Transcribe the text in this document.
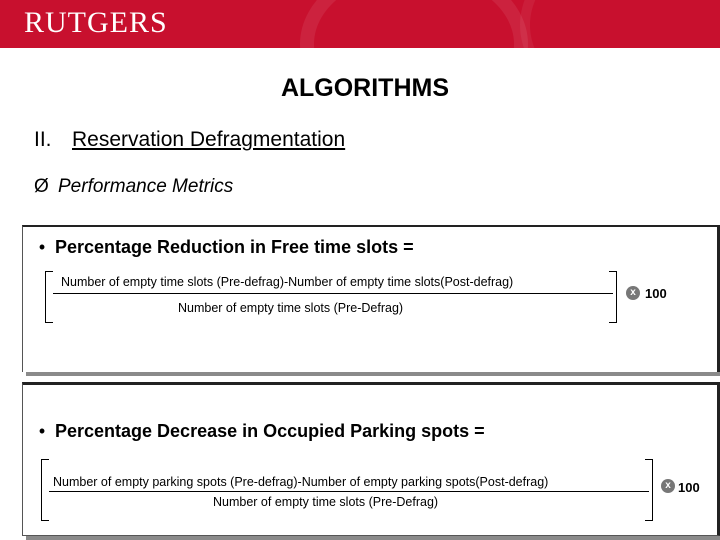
RUTGERS
ALGORITHMS
II. Reservation Defragmentation
Ø Performance Metrics
• Percentage Reduction in Free time slots =
Number of empty time slots (Pre-defrag)-Number of empty time slots(Post-defrag)
Number of empty time slots (Pre-Defrag)
x 100
• Percentage Decrease in Occupied Parking spots =
Number of empty parking spots (Pre-defrag)-Number of empty parking spots(Post-defrag)
Number of empty time slots (Pre-Defrag)
x 100
